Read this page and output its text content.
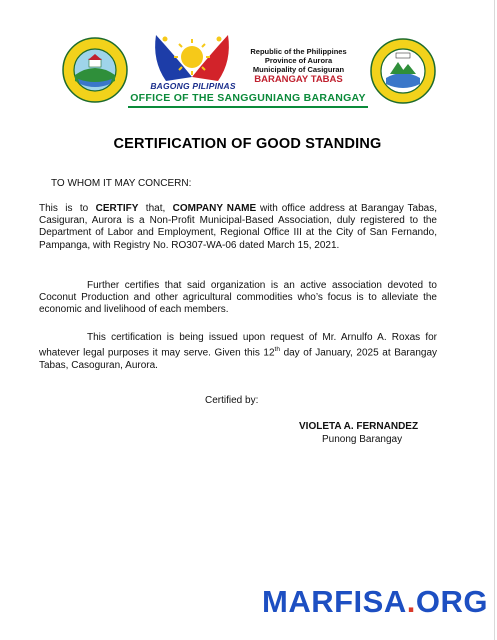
BAGONG PILIPINAS
Republic of the Philippines
Province of Aurora
Municipality of Casiguran
BARANGAY TABAS
OFFICE OF THE SANGGUNIANG BARANGAY
CERTIFICATION OF GOOD STANDING
TO WHOM IT MAY CONCERN:
This is to CERTIFY that, COMPANY NAME with office address at Barangay Tabas, Casiguran, Aurora is a Non-Profit Municipal-Based Association, duly registered to the Department of Labor and Employment, Regional Office III at the City of San Fernando, Pampanga, with Registry No. RO307-WA-06 dated March 15, 2021.
Further certifies that said organization is an active association devoted to Coconut Production and other agricultural commodities who’s focus is to alleviate the economic and livelihood of each members.
This certification is being issued upon request of Mr. Arnulfo A. Roxas for whatever legal purposes it may serve. Given this 12th day of January, 2025 at Barangay Tabas, Casoguran, Aurora.
Certified by:
VIOLETA A. FERNANDEZ
Punong Barangay
MARFISA.ORG
